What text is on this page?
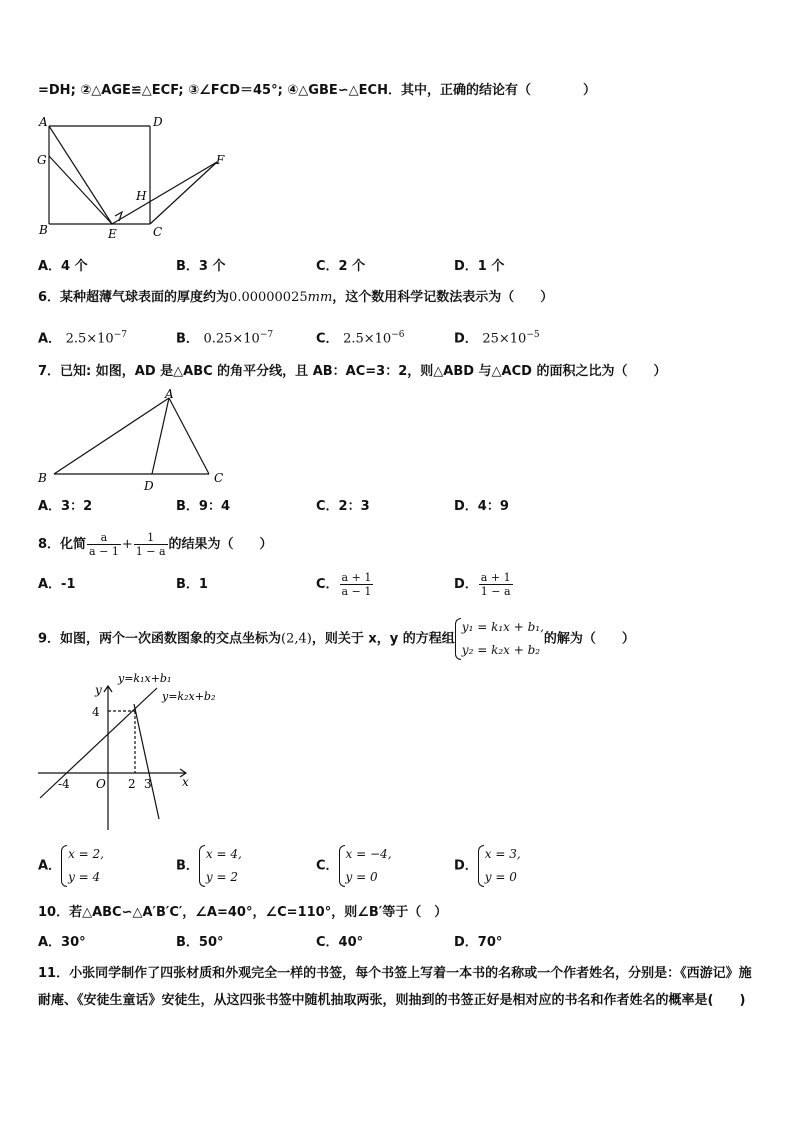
=DH; ②△AGE≌△ECF; ③∠FCD＝45°; ④△GBE∽△ECH．其中，正确的结论有（　　　　）
A	D
G	F
H
B	E	C
A．4 个	B．3 个	C．2 个	D．1 个
6．某种超薄气球表面的厚度约为0.00000025mm，这个数用科学记数法表示为（　　）
A． $2.5\times 10^{-7}$	B． $0.25\times 10^{-7}$	C． $2.5\times 10^{-6}$	D． $25\times 10^{-5}$
7．已知: 如图，AD 是△ABC 的角平分线，且 AB：AC=3：2，则△ABD 与△ACD 的面积之比为（　　）
A
B	C
D
A．3：2	B．9：4	C．2：3	D．4：9
8．化简 $\frac{a}{a - 1} + \frac{1}{1 - a}$ 的结果为（　　）
A．-1	B．1	C． $\frac{a + 1}{a - 1}$	D． $\frac{a + 1}{1 - a}$
9．如图，两个一次函数图象的交点坐标为(2,4)，则关于 x，y 的方程组
y₁ = k₁x + b₁,
y₂ = k₂x + b₂
的解为（　　）
y=k₁x+b₁
y=k₂x+b₂
y
x
O
4
-4	2 3
A．
x = 2,
y = 4
B．
x = 4,
y = 2
C．
x = −4,
y = 0
D．
x = 3,
y = 0
10．若△ABC∽△A′B′C′，∠A=40°，∠C=110°，则∠B′等于（　）
A．30°	B．50°	C．40°	D．70°
11．小张同学制作了四张材质和外观完全一样的书签，每个书签上写着一本书的名称或一个作者姓名，分别是：《西游记》施耐庵、《安徒生童话》安徒生，从这四张书签中随机抽取两张，则抽到的书签正好是相对应的书名和作者姓名的概率是(　　)
